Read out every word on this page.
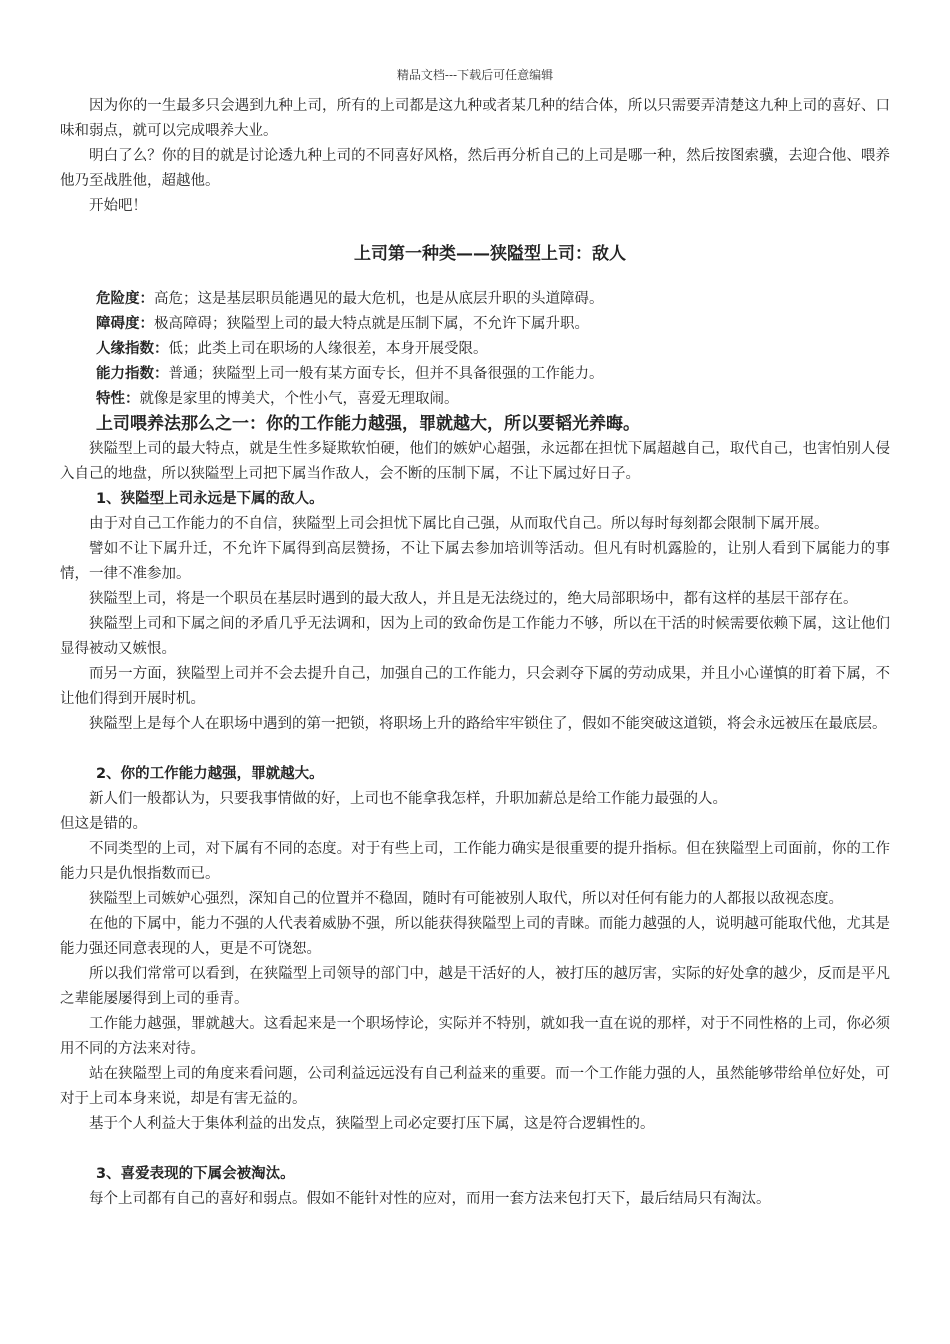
精品文档---下载后可任意编辑

因为你的一生最多只会遇到九种上司，所有的上司都是这九种或者某几种的结合体，所以只需要弄清楚这九种上司的喜好、口味和弱点，就可以完成喂养大业。

明白了么？你的目的就是讨论透九种上司的不同喜好风格，然后再分析自己的上司是哪一种，然后按图索骥，去迎合他、喂养他乃至战胜他，超越他。

开始吧！

上司第一种类——狭隘型上司：敌人

危险度：高危；这是基层职员能遇见的最大危机，也是从底层升职的头道障碍。

障碍度：极高障碍；狭隘型上司的最大特点就是压制下属，不允许下属升职。

人缘指数：低；此类上司在职场的人缘很差，本身开展受限。

能力指数：普通；狭隘型上司一般有某方面专长，但并不具备很强的工作能力。

特性：就像是家里的博美犬，个性小气，喜爱无理取闹。

上司喂养法那么之一：你的工作能力越强，罪就越大，所以要韬光养晦。

狭隘型上司的最大特点，就是生性多疑欺软怕硬，他们的嫉妒心超强，永远都在担忧下属超越自己，取代自己，也害怕别人侵入自己的地盘，所以狭隘型上司把下属当作敌人，会不断的压制下属，不让下属过好日子。

1、狭隘型上司永远是下属的敌人。

由于对自己工作能力的不自信，狭隘型上司会担忧下属比自己强，从而取代自己。所以每时每刻都会限制下属开展。

譬如不让下属升迁，不允许下属得到高层赞扬，不让下属去参加培训等活动。但凡有时机露脸的，让别人看到下属能力的事情，一律不准参加。

狭隘型上司，将是一个职员在基层时遇到的最大敌人，并且是无法绕过的，绝大局部职场中，都有这样的基层干部存在。

狭隘型上司和下属之间的矛盾几乎无法调和，因为上司的致命伤是工作能力不够，所以在干活的时候需要依赖下属，这让他们显得被动又嫉恨。

而另一方面，狭隘型上司并不会去提升自己，加强自己的工作能力，只会剥夺下属的劳动成果，并且小心谨慎的盯着下属，不让他们得到开展时机。

狭隘型上是每个人在职场中遇到的第一把锁，将职场上升的路给牢牢锁住了，假如不能突破这道锁，将会永远被压在最底层。

2、你的工作能力越强，罪就越大。

新人们一般都认为，只要我事情做的好，上司也不能拿我怎样，升职加薪总是给工作能力最强的人。

但这是错的。

不同类型的上司，对下属有不同的态度。对于有些上司，工作能力确实是很重要的提升指标。但在狭隘型上司面前，你的工作能力只是仇恨指数而已。

狭隘型上司嫉妒心强烈，深知自己的位置并不稳固，随时有可能被别人取代，所以对任何有能力的人都报以敌视态度。

在他的下属中，能力不强的人代表着威胁不强，所以能获得狭隘型上司的青睐。而能力越强的人，说明越可能取代他，尤其是能力强还同意表现的人，更是不可饶恕。

所以我们常常可以看到，在狭隘型上司领导的部门中，越是干活好的人，被打压的越厉害，实际的好处拿的越少，反而是平凡之辈能屡屡得到上司的垂青。

工作能力越强，罪就越大。这看起来是一个职场悖论，实际并不特别，就如我一直在说的那样，对于不同性格的上司，你必须用不同的方法来对待。

站在狭隘型上司的角度来看问题，公司利益远远没有自己利益来的重要。而一个工作能力强的人，虽然能够带给单位好处，可对于上司本身来说，却是有害无益的。

基于个人利益大于集体利益的出发点，狭隘型上司必定要打压下属，这是符合逻辑性的。

3、喜爱表现的下属会被淘汰。

每个上司都有自己的喜好和弱点。假如不能针对性的应对，而用一套方法来包打天下，最后结局只有淘汰。
